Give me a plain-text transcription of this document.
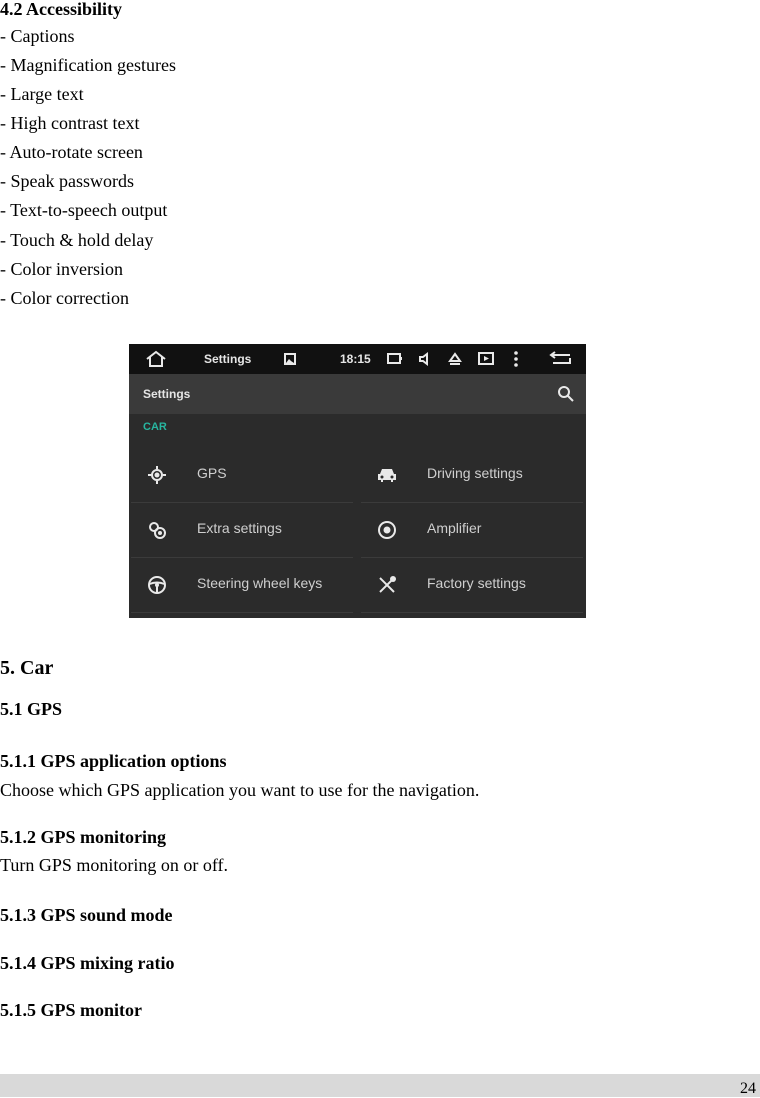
4.2 Accessibility
- Captions
- Magnification gestures
- Large text
- High contrast text
- Auto-rotate screen
- Speak passwords
- Text-to-speech output
- Touch & hold delay
- Color inversion
- Color correction
Settings	18:15
Settings
CAR
GPS	Driving settings
Extra settings	Amplifier
Steering wheel keys	Factory settings
5. Car
5.1 GPS
5.1.1 GPS application options
Choose which GPS application you want to use for the navigation.
5.1.2 GPS monitoring
Turn GPS monitoring on or off.
5.1.3 GPS sound mode
5.1.4 GPS mixing ratio
5.1.5 GPS monitor
24
